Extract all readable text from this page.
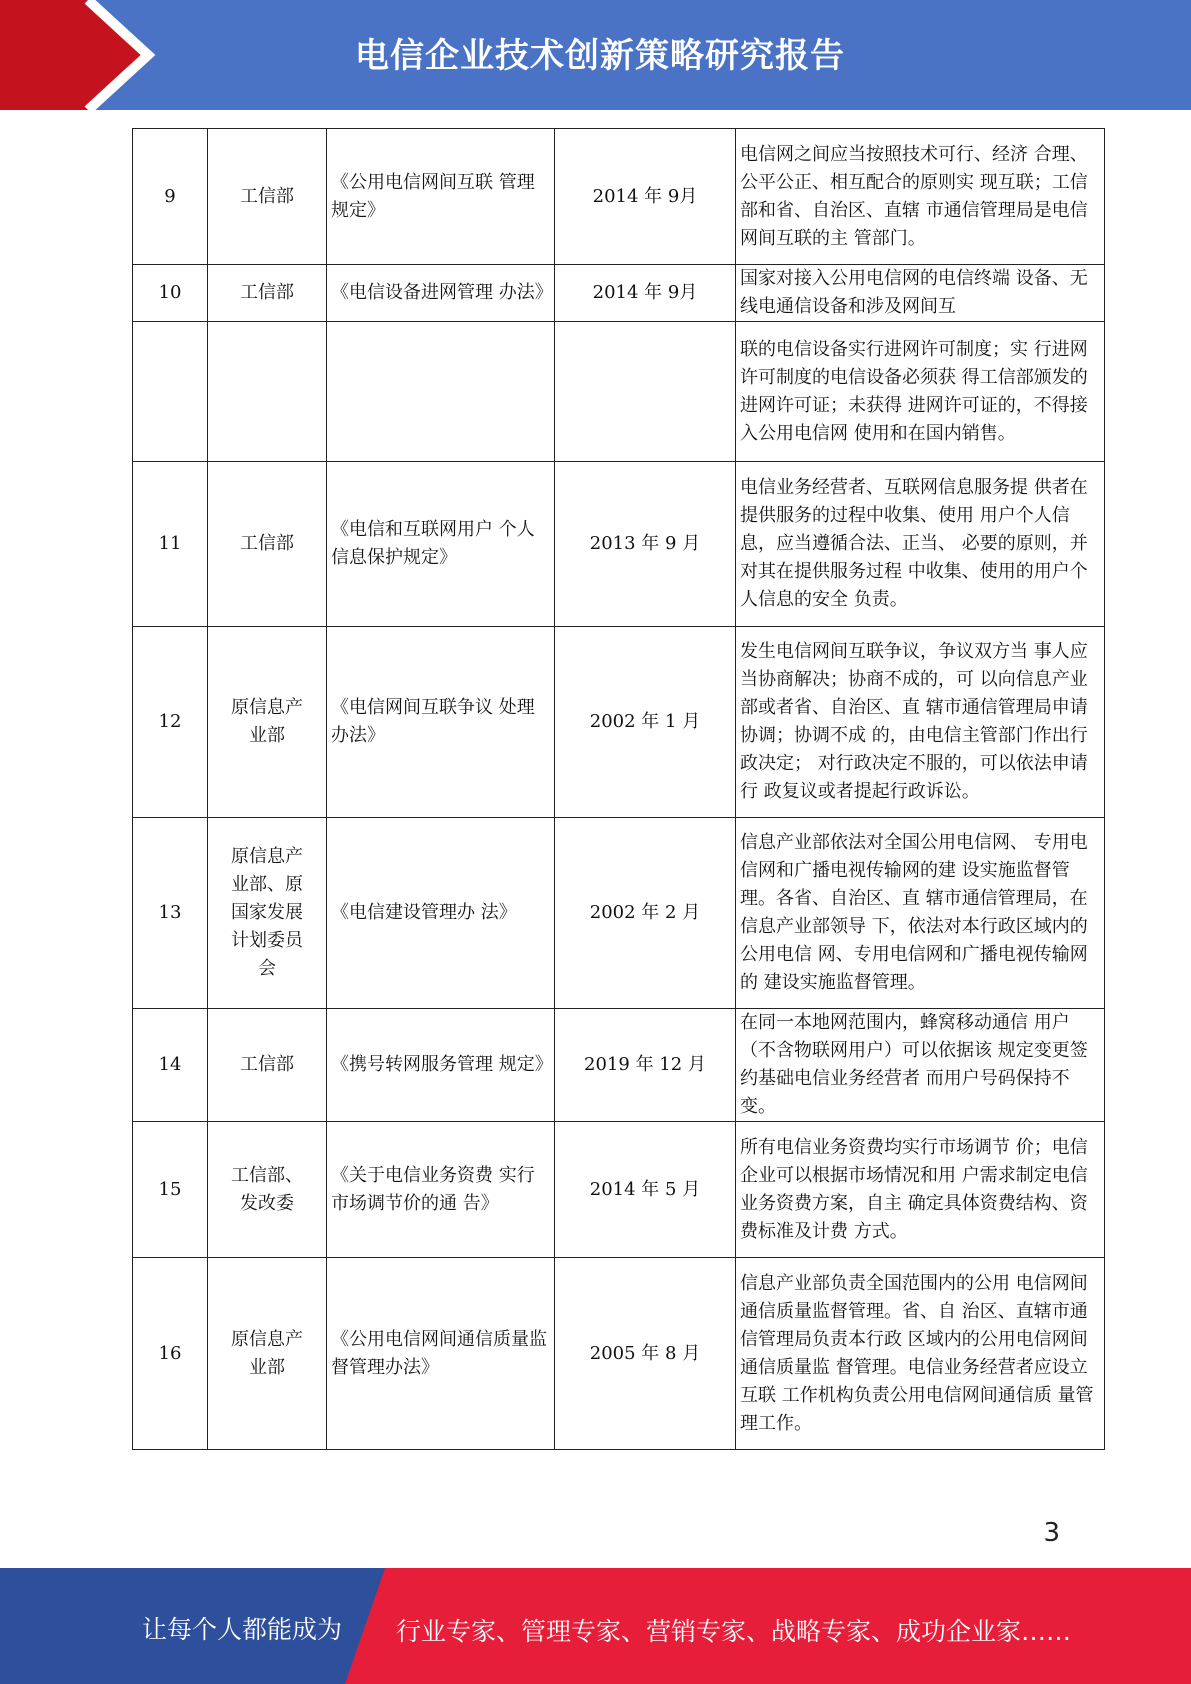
电信企业技术创新策略研究报告
9	工信部	《公用电信网间互联 管理规定》	2014 年 9月	电信网之间应当按照技术可行、经济 合理、公平公正、相互配合的原则实 现互联；工信部和省、自治区、直辖 市通信管理局是电信网间互联的主 管部门。
10	工信部	《电信设备进网管理 办法》	2014 年 9月	国家对接入公用电信网的电信终端 设备、无线电通信设备和涉及网间互
				联的电信设备实行进网许可制度；实 行进网许可制度的电信设备必须获 得工信部颁发的进网许可证；未获得 进网许可证的，不得接入公用电信网 使用和在国内销售。
11	工信部	《电信和互联网用户 个人信息保护规定》	2013 年 9 月	电信业务经营者、互联网信息服务提 供者在提供服务的过程中收集、使用 用户个人信息，应当遵循合法、正当、 必要的原则，并对其在提供服务过程 中收集、使用的用户个人信息的安全 负责。
12	原信息产业部	《电信网间互联争议 处理办法》	2002 年 1 月	发生电信网间互联争议，争议双方当 事人应当协商解决；协商不成的，可 以向信息产业部或者省、自治区、直 辖市通信管理局申请协调；协调不成 的，由电信主管部门作出行政决定； 对行政决定不服的，可以依法申请行 政复议或者提起行政诉讼。
13	原信息产业部、原国家发展计划委员会	《电信建设管理办 法》	2002 年 2 月	信息产业部依法对全国公用电信网、 专用电信网和广播电视传输网的建 设实施监督管理。各省、自治区、直 辖市通信管理局，在信息产业部领导 下，依法对本行政区域内的公用电信 网、专用电信网和广播电视传输网的 建设实施监督管理。
14	工信部	《携号转网服务管理 规定》	2019 年 12 月	在同一本地网范围内，蜂窝移动通信 用户（不含物联网用户）可以依据该 规定变更签约基础电信业务经营者 而用户号码保持不变。
15	工信部、发改委	《关于电信业务资费 实行市场调节价的通 告》	2014 年 5 月	所有电信业务资费均实行市场调节 价；电信企业可以根据市场情况和用 户需求制定电信业务资费方案，自主 确定具体资费结构、资费标准及计费 方式。
16	原信息产业部	《公用电信网间通信质量监督管理办法》	2005 年 8 月	信息产业部负责全国范围内的公用 电信网间通信质量监督管理。省、自 治区、直辖市通信管理局负责本行政 区域内的公用电信网间通信质量监 督管理。电信业务经营者应设立互联 工作机构负责公用电信网间通信质 量管理工作。
3
让每个人都能成为 行业专家、管理专家、营销专家、战略专家、成功企业家……
